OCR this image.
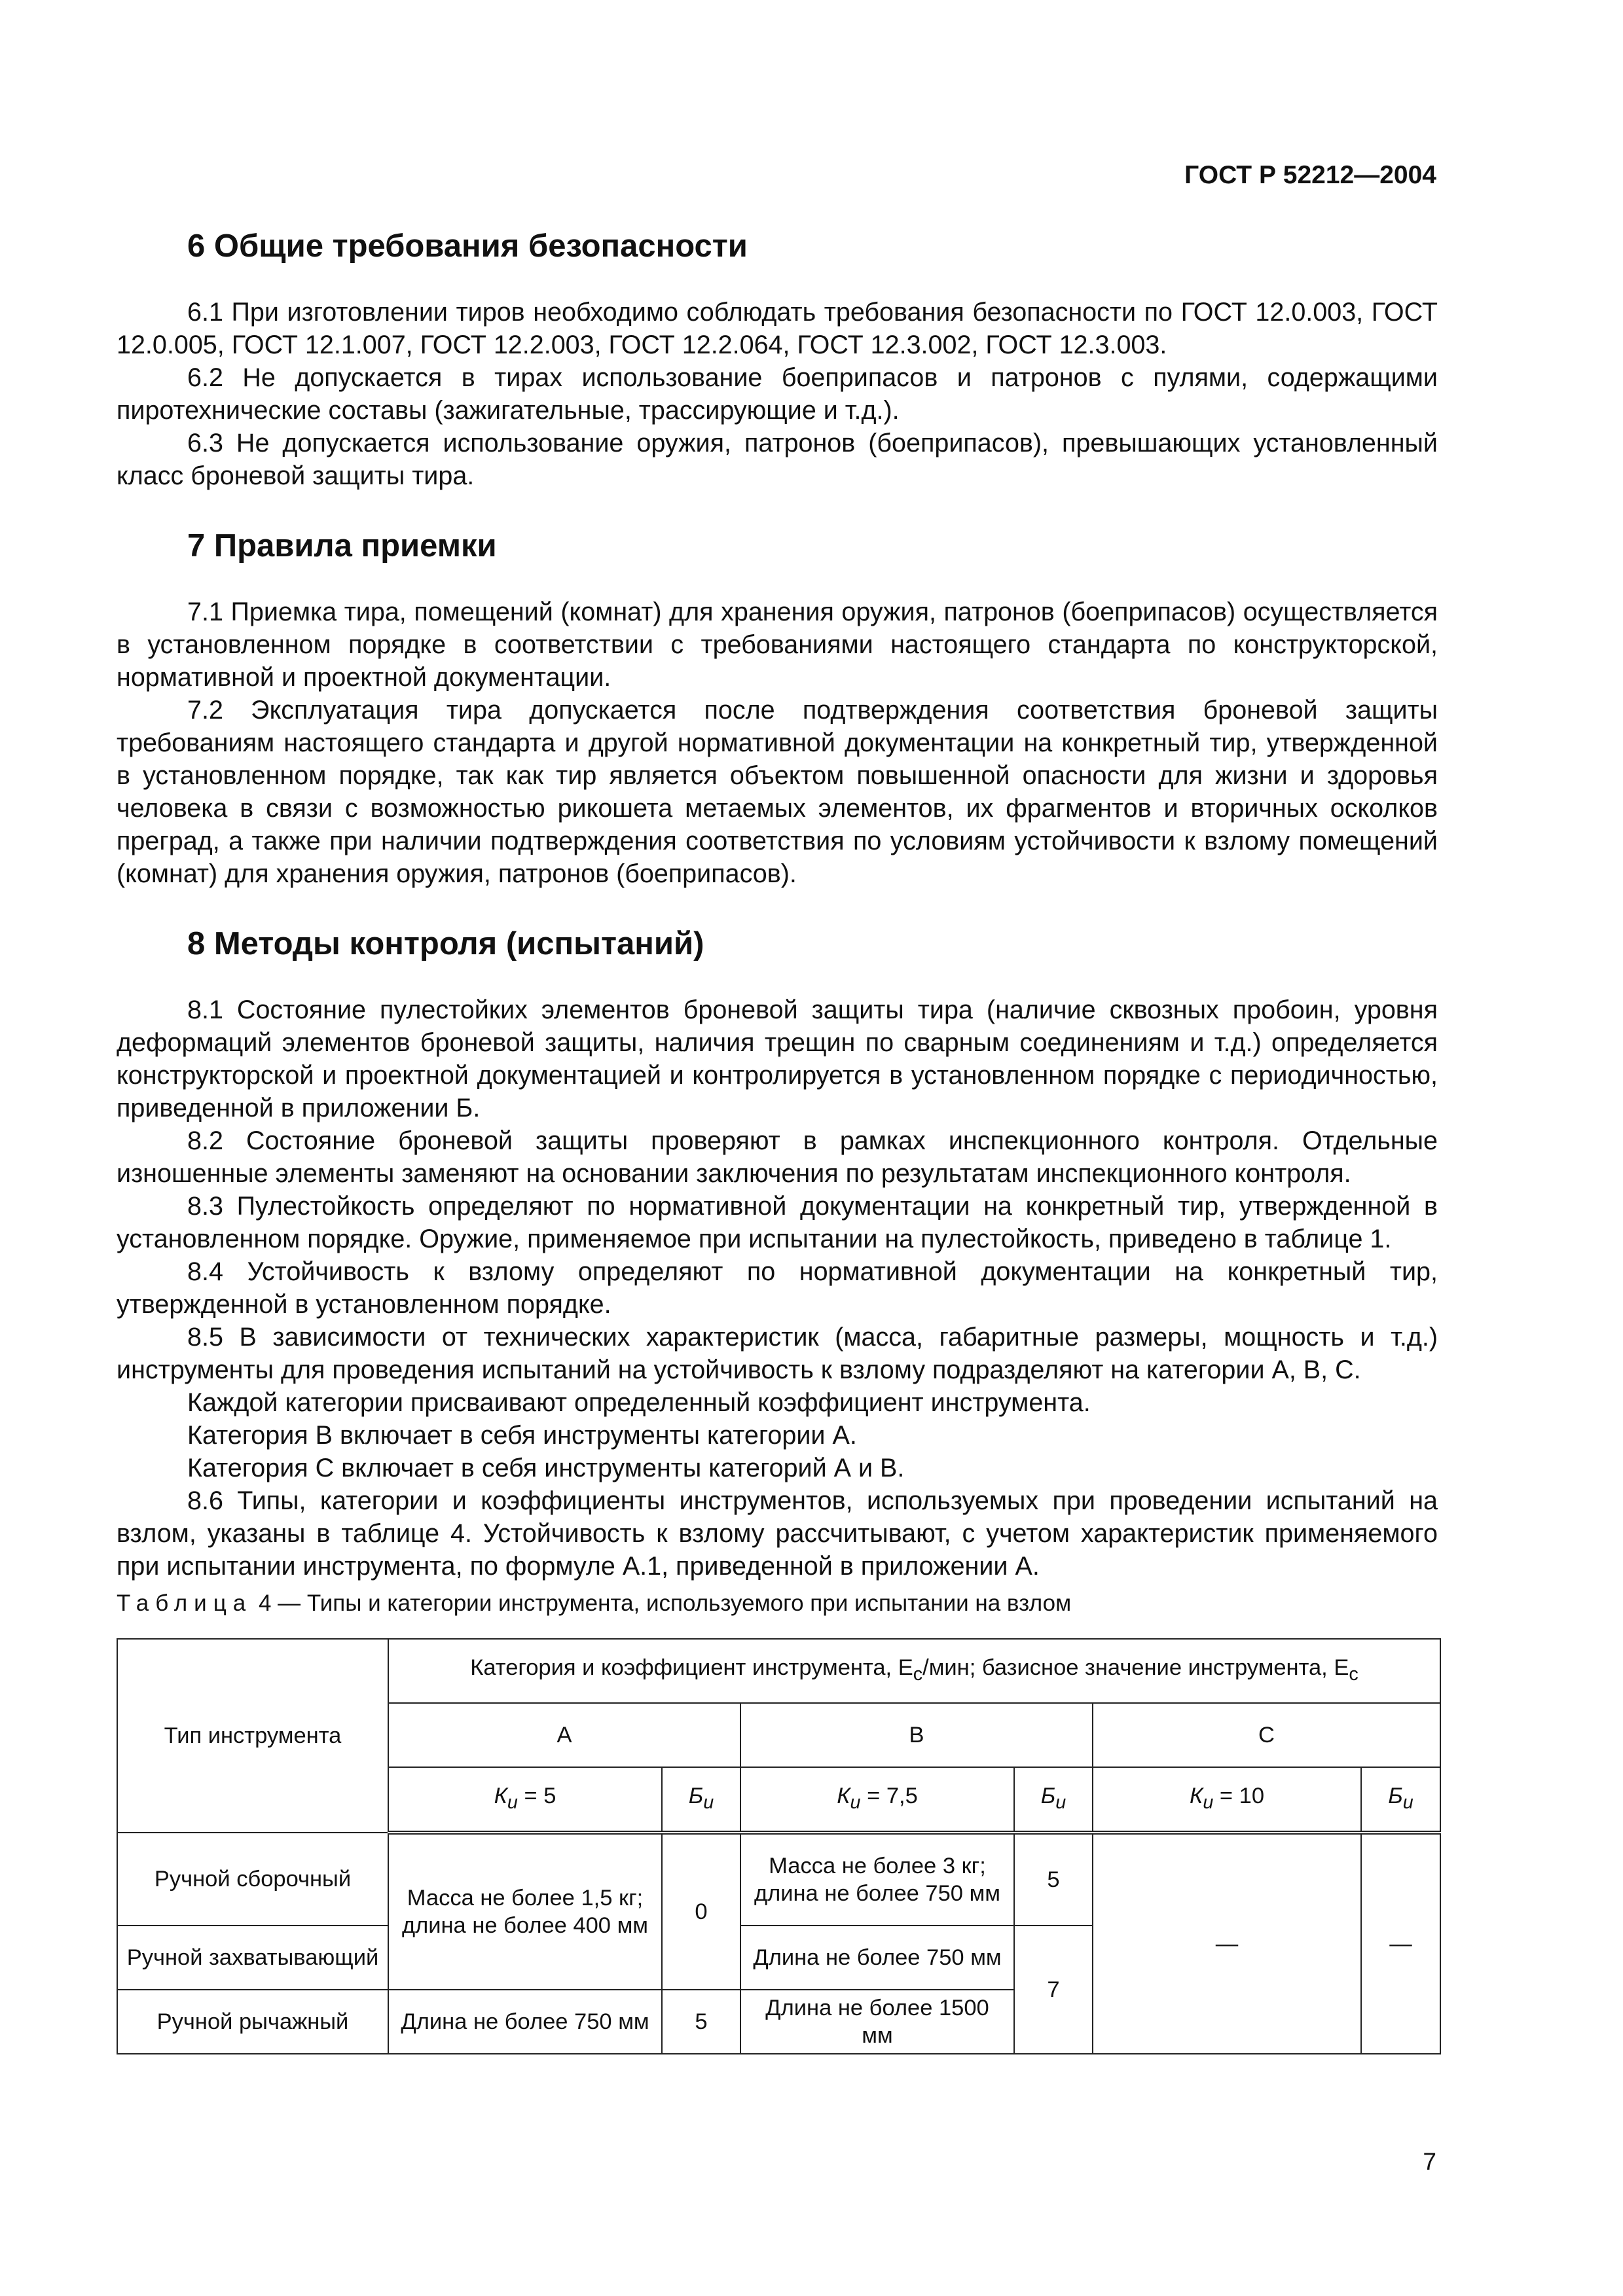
ГОСТ Р 52212—2004
6 Общие требования безопасности

6.1 При изготовлении тиров необходимо соблюдать требования безопасности по ГОСТ 12.0.003, ГОСТ 12.0.005, ГОСТ 12.1.007, ГОСТ 12.2.003, ГОСТ 12.2.064, ГОСТ 12.3.002, ГОСТ 12.3.003.

6.2 Не допускается в тирах использование боеприпасов и патронов с пулями, содержащими пиротехнические составы (зажигательные, трассирующие и т.д.).

6.3 Не допускается использование оружия, патронов (боеприпасов), превышающих установленный класс броневой защиты тира.

7 Правила приемки

7.1 Приемка тира, помещений (комнат) для хранения оружия, патронов (боеприпасов) осуществляется в установленном порядке в соответствии с требованиями настоящего стандарта по конструкторской, нормативной и проектной документации.

7.2 Эксплуатация тира допускается после подтверждения соответствия броневой защиты требованиям настоящего стандарта и другой нормативной документации на конкретный тир, утвержденной в установленном порядке, так как тир является объектом повышенной опасности для жизни и здоровья человека в связи с возможностью рикошета метаемых элементов, их фрагментов и вторичных осколков преград, а также при наличии подтверждения соответствия по условиям устойчивости к взлому помещений (комнат) для хранения оружия, патронов (боеприпасов).

8 Методы контроля (испытаний)

8.1 Состояние пулестойких элементов броневой защиты тира (наличие сквозных пробоин, уровня деформаций элементов броневой защиты, наличия трещин по сварным соединениям и т.д.) определяется конструкторской и проектной документацией и контролируется в установленном порядке с периодичностью, приведенной в приложении Б.

8.2 Состояние броневой защиты проверяют в рамках инспекционного контроля. Отдельные изношенные элементы заменяют на основании заключения по результатам инспекционного контроля.

8.3 Пулестойкость определяют по нормативной документации на конкретный тир, утвержденной в установленном порядке. Оружие, применяемое при испытании на пулестойкость, приведено в таблице 1.

8.4 Устойчивость к взлому определяют по нормативной документации на конкретный тир, утвержденной в установленном порядке.

8.5 В зависимости от технических характеристик (масса, габаритные размеры, мощность и т.д.) инструменты для проведения испытаний на устойчивость к взлому подразделяют на категории А, В, С.

Каждой категории присваивают определенный коэффициент инструмента.

Категория В включает в себя инструменты категории А.

Категория С включает в себя инструменты категорий А и В.

8.6 Типы, категории и коэффициенты инструментов, используемых при проведении испытаний на взлом, указаны в таблице 4. Устойчивость к взлому рассчитывают, с учетом характеристик применяемого при испытании инструмента, по формуле А.1, приведенной в приложении А.

Таблица 4 — Типы и категории инструмента, используемого при испытании на взлом
Тип инструмента	Категория и коэффициент инструмента, $E_c$/мин; базисное значение инструмента, $E_c$
	А		В		С	
	$К_и = 5$	$Б_и$	$К_и = 7,5$	$Б_и$	$К_и = 10$	$Б_и$
Ручной сборочный	Масса не более 1,5 кг; длина не более 400 мм	0	Масса не более 3 кг; длина не более 750 мм	5	—	—
Ручной захватывающий			Длина не более 750 мм	7		
Ручной рычажный	Длина не более 750 мм	5	Длина не более 1500 мм			
7
